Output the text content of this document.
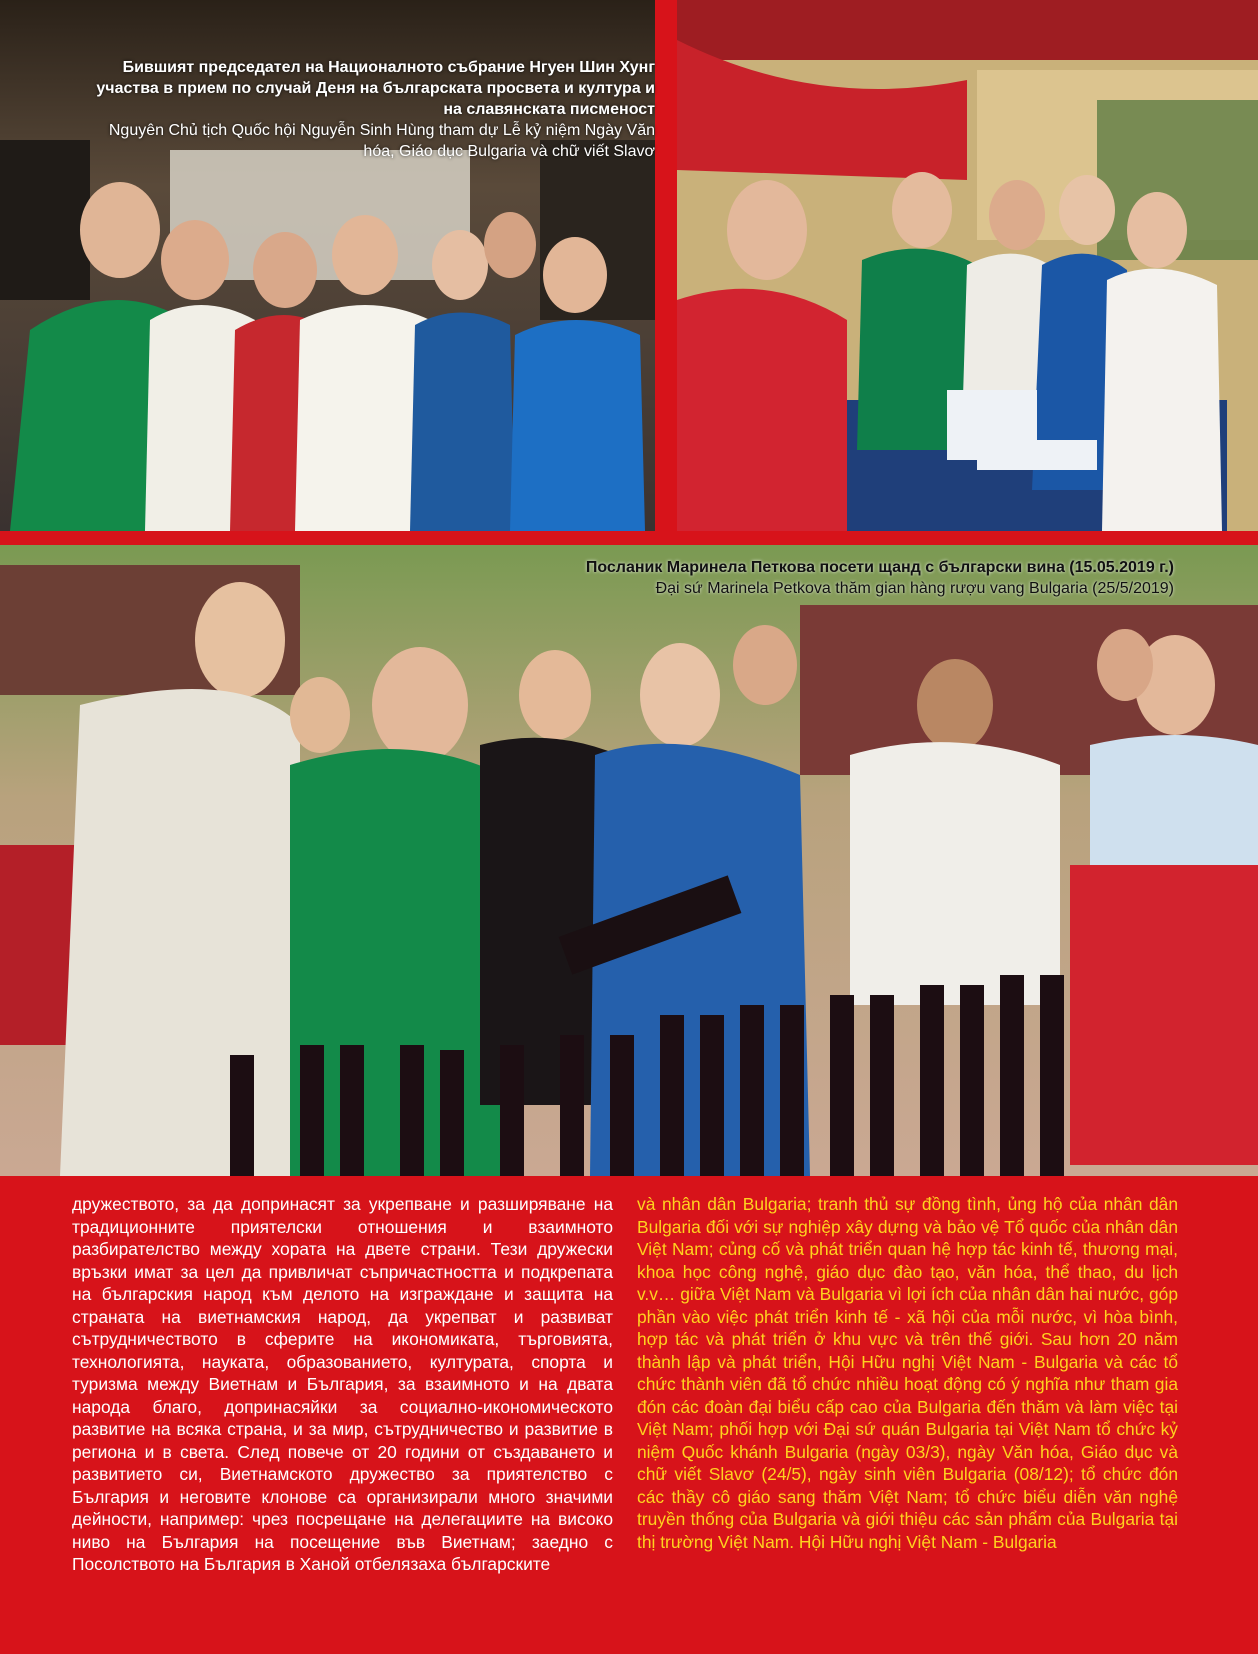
Бившият председател на Националното събрание Нгуен Шин Хунг участва в прием по случай Деня на българската просвета и култура и на славянската писменост
Nguyên Chủ tịch Quốc hội Nguyễn Sinh Hùng tham dự Lễ kỷ niệm Ngày Văn hóa, Giáo dục Bulgaria và chữ viết Slavơ
Посланик Маринела Петкова посети щанд с български вина (15.05.2019 г.)
Đại sứ Marinela Petkova thăm gian hàng rượu vang Bulgaria (25/5/2019)
дружеството, за да допринасят за укрепване и разширяване на традиционните приятелски отношения и взаимното разбирателство между хората на двете страни. Тези дружески връзки имат за цел да привличат съпричастността и подкрепата на българския народ към делото на изграждане и защита на страната на виетнамския народ, да укрепват и развиват сътрудничеството в сферите на икономиката, търговията, технологията, науката, образованието, културата, спорта и туризма между Виетнам и България, за взаимното и на двата народа благо, допринасяйки за социално-икономическото развитие на всяка страна, и за мир, сътрудничество и развитие в региона и в света. След повече от 20 години от създаването и развитието си, Виетнамското дружество за приятелство с България и неговите клонове са организирали много значими дейности, например: чрез посрещане на делегациите на високо ниво на България на посещение във Виетнам; заедно с Посолството на България в Ханой отбелязаха българските
và nhân dân Bulgaria; tranh thủ sự đồng tình, ủng hộ của nhân dân Bulgaria đối với sự nghiệp xây dựng và bảo vệ Tổ quốc của nhân dân Việt Nam; củng cố và phát triển quan hệ hợp tác kinh tế, thương mại, khoa học công nghệ, giáo dục đào tạo, văn hóa, thể thao, du lịch v.v… giữa Việt Nam và Bulgaria vì lợi ích của nhân dân hai nước, góp phần vào việc phát triển kinh tế - xã hội của mỗi nước, vì hòa bình, hợp tác và phát triển ở khu vực và trên thế giới. Sau hơn 20 năm thành lập và phát triển, Hội Hữu nghị Việt Nam - Bulgaria và các tổ chức thành viên đã tổ chức nhiều hoạt động có ý nghĩa như tham gia đón các đoàn đại biểu cấp cao của Bulgaria đến thăm và làm việc tại Việt Nam; phối hợp với Đại sứ quán Bulgaria tại Việt Nam tổ chức kỷ niệm Quốc khánh Bulgaria (ngày 03/3), ngày Văn hóa, Giáo dục và chữ viết Slavơ (24/5), ngày sinh viên Bulgaria (08/12); tổ chức đón các thầy cô giáo sang thăm Việt Nam; tổ chức biểu diễn văn nghệ truyền thống của Bulgaria và giới thiệu các sản phẩm của Bulgaria tại thị trường Việt Nam. Hội Hữu nghị Việt Nam - Bulgaria
